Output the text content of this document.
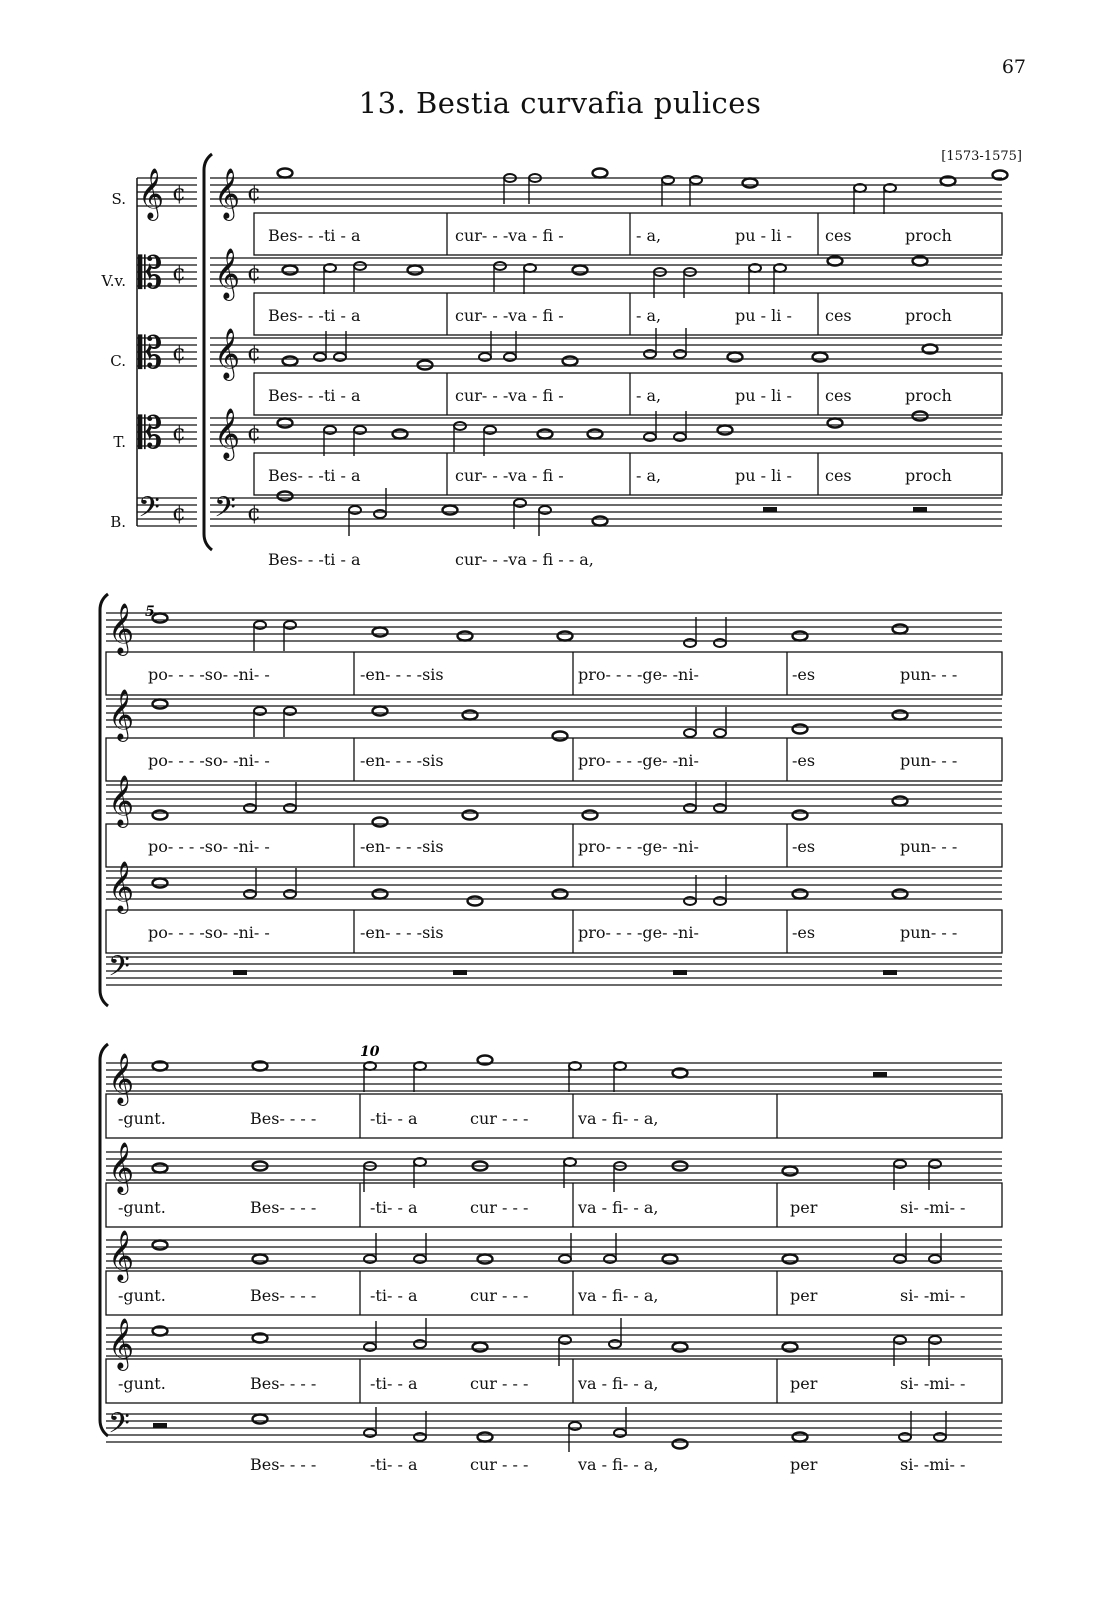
67
13. Bestia curvafia pulices
[1573-1575]
S.
V.v.
C.
T.
B.
𝄞 ¢
𝄡 ¢
𝄡 ¢
𝄡 ¢
𝄢 ¢
𝄞 ¢
𝄞 ¢
𝄞 ¢
𝄞 ¢
𝄢 ¢
𝄞
𝄞
𝄞
𝄞
𝄢
𝄞
𝄞
𝄞
𝄞
𝄢
Bes- - -ti - a	cur- - -va - fi -	- a,	pu - li - ces	proch
Bes- - -ti - a	cur- - -va - fi -	- a,	pu - li - ces	proch
Bes- - -ti - a	cur- - -va - fi -	- a,	pu - li - ces	proch
Bes- - -ti - a	cur- - -va - fi -	- a,	pu - li - ces	proch
Bes- - -ti - a	cur- - -va - fi - - a,
po- - - -so- -ni- -	-en- - - -sis	pro- - - -ge- -ni-	-es	pun- - -
po- - - -so- -ni- -	-en- - - -sis	pro- - - -ge- -ni-	-es	pun- - -
po- - - -so- -ni- -	-en- - - -sis	pro- - - -ge- -ni-	-es	pun- - -
po- - - -so- -ni- -	-en- - - -sis	pro- - - -ge- -ni-	-es	pun- - -
-gunt.	Bes- - - -	-ti- - a	cur - - -	va - fi- - a,
-gunt.	Bes- - - -	-ti- - a	cur - - -	va - fi- - a,	per	si- -mi- -
-gunt.	Bes- - - -	-ti- - a	cur - - -	va - fi- - a,	per	si- -mi- -
-gunt.	Bes- - - -	-ti- - a	cur - - -	va - fi- - a,	per	si- -mi- -
Bes- - - -	-ti- - a	cur - - -	va - fi- - a,	per	si- -mi- -
5
10
